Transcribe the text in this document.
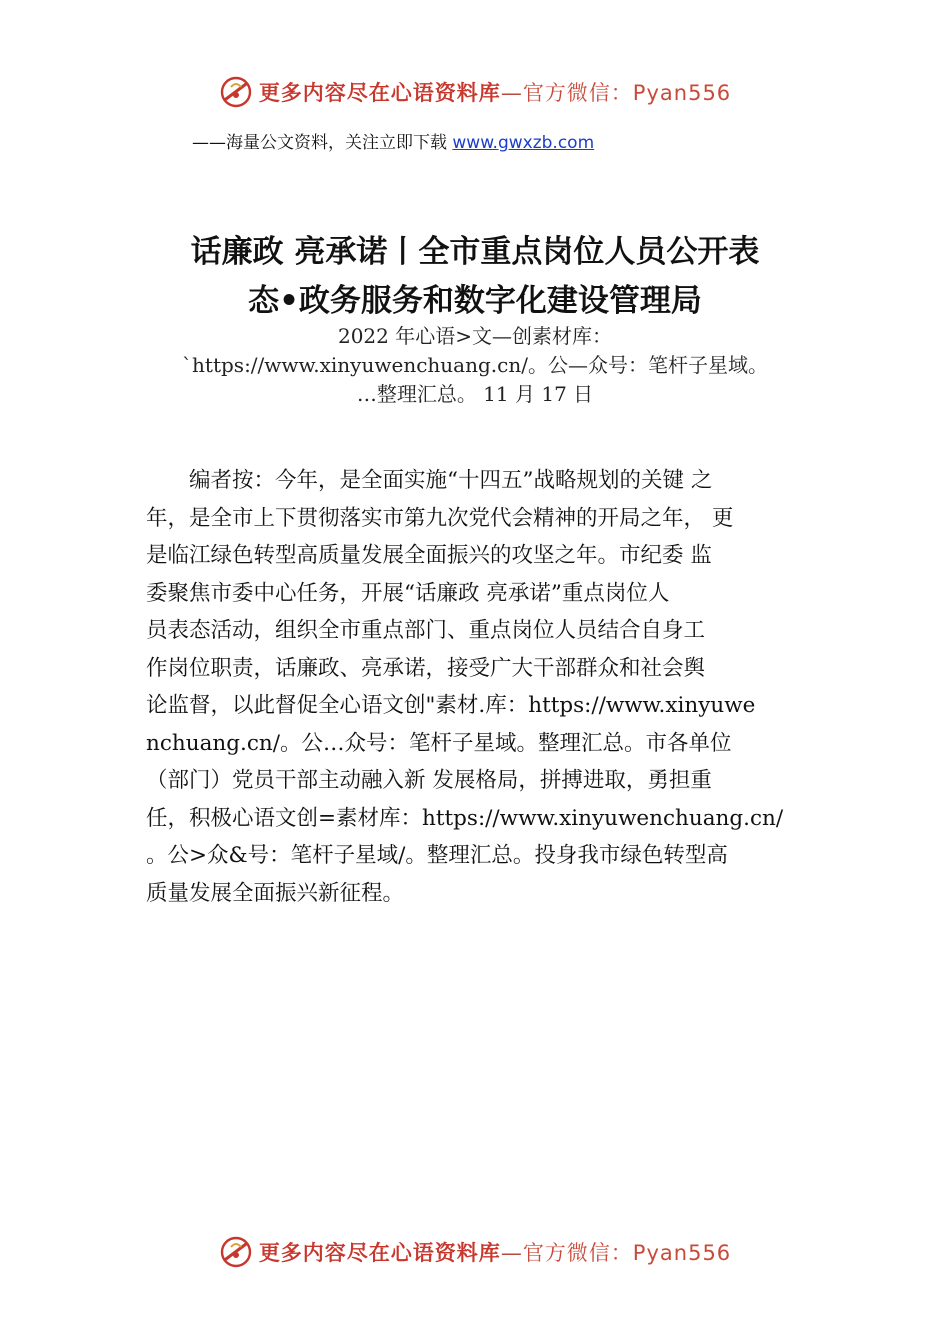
更多内容尽在心语资料库—官方微信：Pyan556
——海量公文资料，关注立即下载 www.gwxzb.com
话廉政 亮承诺丨全市重点岗位人员公开表
态•政务服务和数字化建设管理局
2022 年心语>文—创素材库：
`https://www.xinyuwenchuang.cn/。公—众号：笔杆子星域。
…整理汇总。 11 月 17 日

　　编者按：今年，是全面实施“十四五”战略规划的关键 之

年，是全市上下贯彻落实市第九次党代会精神的开局之年， 更

是临江绿色转型高质量发展全面振兴的攻坚之年。市纪委 监

委聚焦市委中心任务，开展“话廉政 亮承诺”重点岗位人

员表态活动，组织全市重点部门、重点岗位人员结合自身工

作岗位职责，话廉政、亮承诺，接受广大干部群众和社会舆

论监督，以此督促全心语文创"素材.库：https://www.xinyuwe

nchuang.cn/。公…众号：笔杆子星域。整理汇总。市各单位

（部门）党员干部主动融入新 发展格局，拼搏进取，勇担重

任，积极心语文创=素材库：https://www.xinyuwenchuang.cn/

。公>众&号：笔杆子星域/。整理汇总。投身我市绿色转型高

质量发展全面振兴新征程。

更多内容尽在心语资料库—官方微信：Pyan556
